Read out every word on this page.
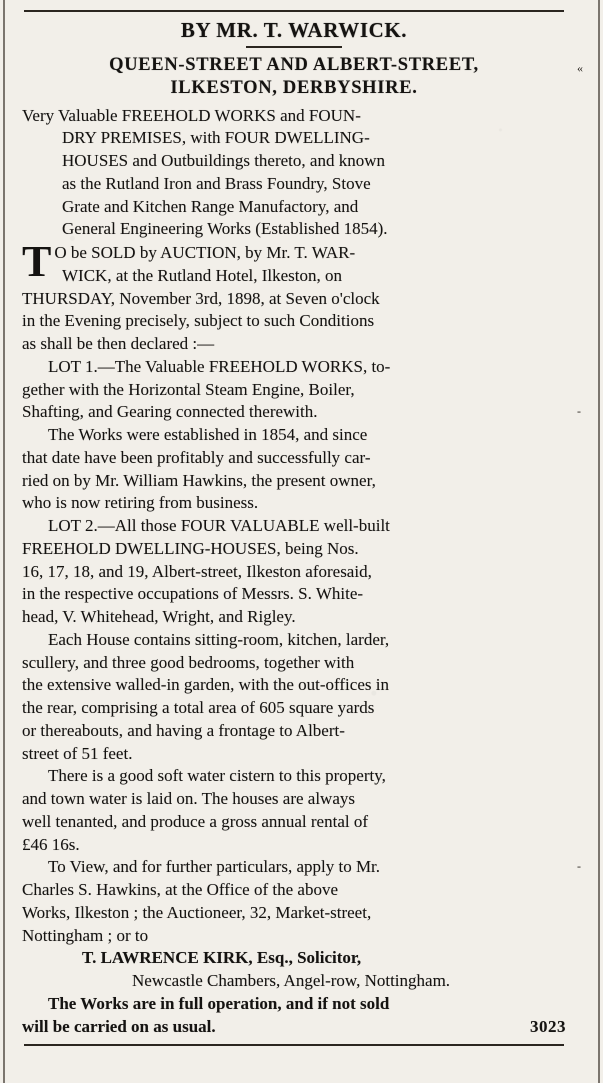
«
-
-
BY MR. T. WARWICK.
QUEEN-STREET AND ALBERT-STREET,
ILKESTON, DERBYSHIRE.

Very Valuable FREEHOLD WORKS and FOUN-

DRY PREMISES, with FOUR DWELLING-

HOUSES and Outbuildings thereto, and known

as the Rutland Iron and Brass Foundry, Stove

Grate and Kitchen Range Manufactory, and

General Engineering Works (Established 1854).

T O be SOLD by AUCTION, by Mr. T. WAR-

WICK, at the Rutland Hotel, Ilkeston, on

THURSDAY, November 3rd, 1898, at Seven o'clock

in the Evening precisely, subject to such Conditions

as shall be then declared :—

LOT 1.—The Valuable FREEHOLD WORKS, to-

gether with the Horizontal Steam Engine, Boiler,

Shafting, and Gearing connected therewith.

The Works were established in 1854, and since

that date have been profitably and successfully car-

ried on by Mr. William Hawkins, the present owner,

who is now retiring from business.

LOT 2.—All those FOUR VALUABLE well-built

FREEHOLD DWELLING-HOUSES, being Nos.

16, 17, 18, and 19, Albert-street, Ilkeston aforesaid,

in the respective occupations of Messrs. S. White-

head, V. Whitehead, Wright, and Rigley.

Each House contains sitting-room, kitchen, larder,

scullery, and three good bedrooms, together with

the extensive walled-in garden, with the out-offices in

the rear, comprising a total area of 605 square yards

or thereabouts, and having a frontage to Albert-

street of 51 feet.

There is a good soft water cistern to this property,

and town water is laid on. The houses are always

well tenanted, and produce a gross annual rental of

£46 16s.

To View, and for further particulars, apply to Mr.

Charles S. Hawkins, at the Office of the above

Works, Ilkeston ; the Auctioneer, 32, Market-street,

Nottingham ; or to

T. LAWRENCE KIRK, Esq., Solicitor,

Newcastle Chambers, Angel-row, Nottingham.

The Works are in full operation, and if not sold

3023
will be carried on as usual.
